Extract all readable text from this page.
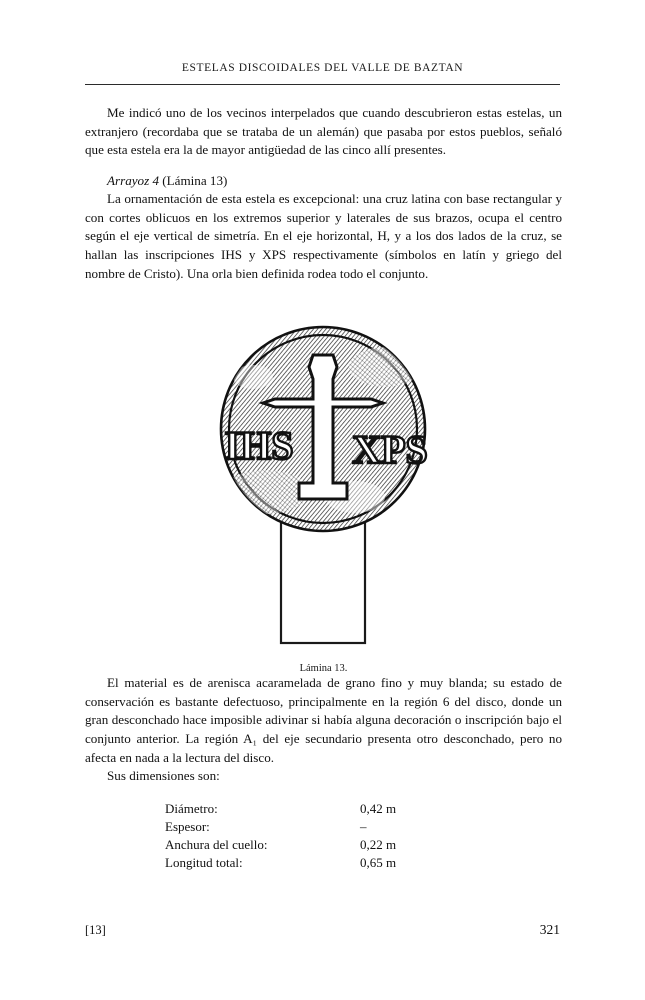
ESTELAS DISCOIDALES DEL VALLE DE BAZTAN

Me indicó uno de los vecinos interpelados que cuando descubrieron estas estelas, un extranjero (recordaba que se trataba de un alemán) que pasaba por estos pueblos, señaló que esta estela era la de mayor antigüedad de las cinco allí presentes.

Arrayoz 4 (Lámina 13)

La ornamentación de esta estela es excepcional: una cruz latina con base rectangular y con cortes oblicuos en los extremos superior y laterales de sus brazos, ocupa el centro según el eje vertical de simetría. En el eje horizontal, H, y a los dos lados de la cruz, se hallan las inscripciones IHS y XPS respectivamente (símbolos en latín y griego del nombre de Cristo). Una orla bien definida rodea todo el conjunto.

IHS XPS
Lámina 13.

El material es de arenisca acaramelada de grano fino y muy blanda; su estado de conservación es bastante defectuoso, principalmente en la región 6 del disco, donde un gran desconchado hace imposible adivinar si había alguna decoración o inscripción bajo el conjunto anterior. La región A₁ del eje secundario presenta otro desconchado, pero no afecta en nada a la lectura del disco.

Sus dimensiones son:

Diámetro:	0,42 m
Espesor:	–
Anchura del cuello:	0,22 m
Longitud total:	0,65 m
[13]	321
